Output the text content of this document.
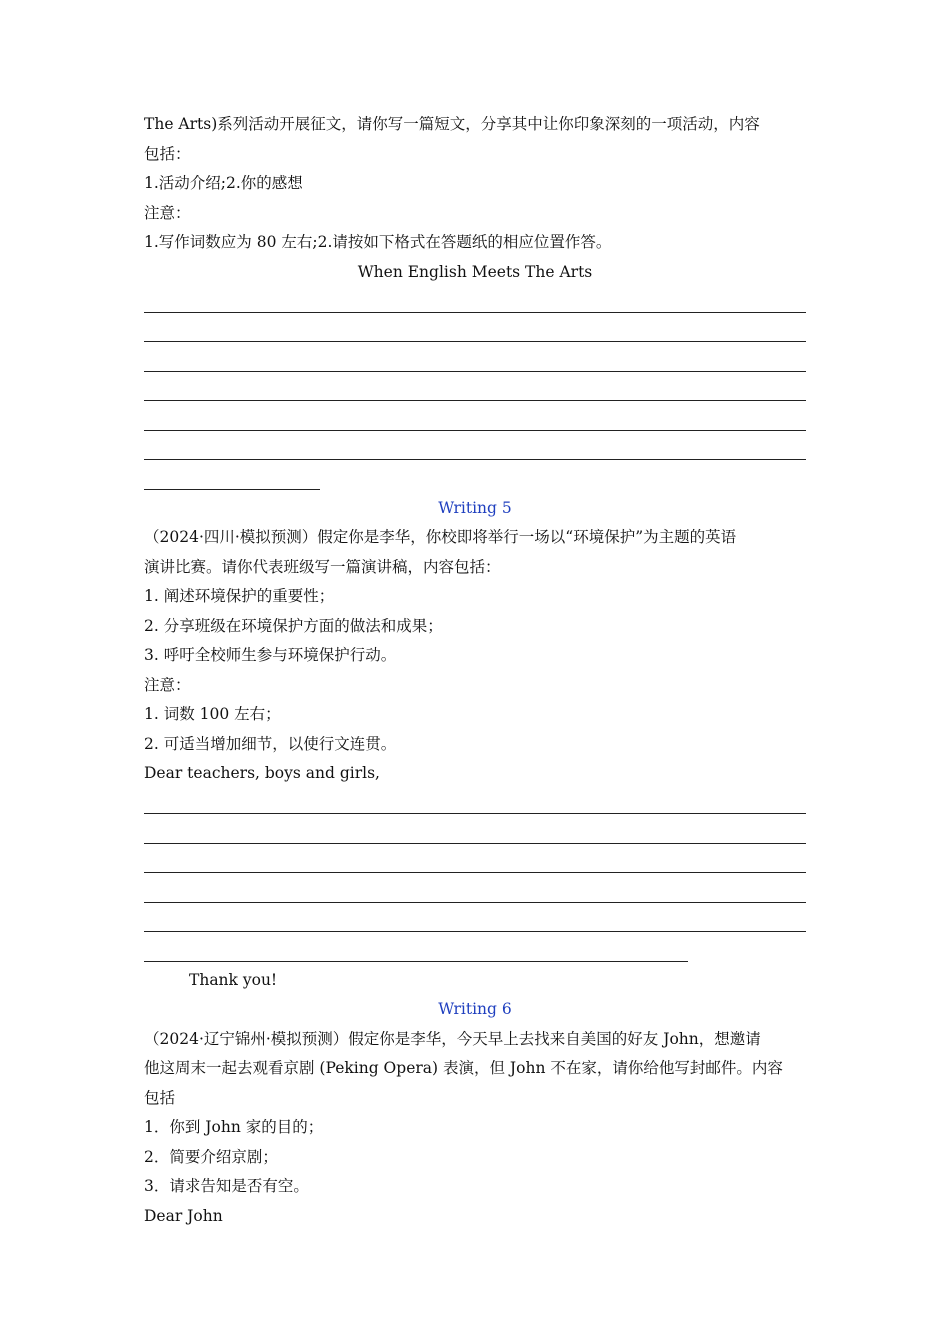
The Arts)系列活动开展征文，请你写一篇短文，分享其中让你印象深刻的一项活动，内容
包括：
1.活动介绍;2.你的感想
注意：
1.写作词数应为 80 左右;2.请按如下格式在答题纸的相应位置作答。
When English Meets The Arts
Writing 5
（2024·四川·模拟预测）假定你是李华，你校即将举行一场以“环境保护”为主题的英语
演讲比赛。请你代表班级写一篇演讲稿，内容包括：
1. 阐述环境保护的重要性；
2. 分享班级在环境保护方面的做法和成果；
3. 呼吁全校师生参与环境保护行动。
注意：
1. 词数 100 左右；
2. 可适当增加细节，以使行文连贯。
Dear teachers, boys and girls,
Thank you!
Writing 6
（2024·辽宁锦州·模拟预测）假定你是李华，今天早上去找来自美国的好友 John，想邀请
他这周末一起去观看京剧 (Peking Opera) 表演，但 John 不在家，请你给他写封邮件。内容
包括
1．你到 John 家的目的；
2．简要介绍京剧；
3．请求告知是否有空。
Dear John
